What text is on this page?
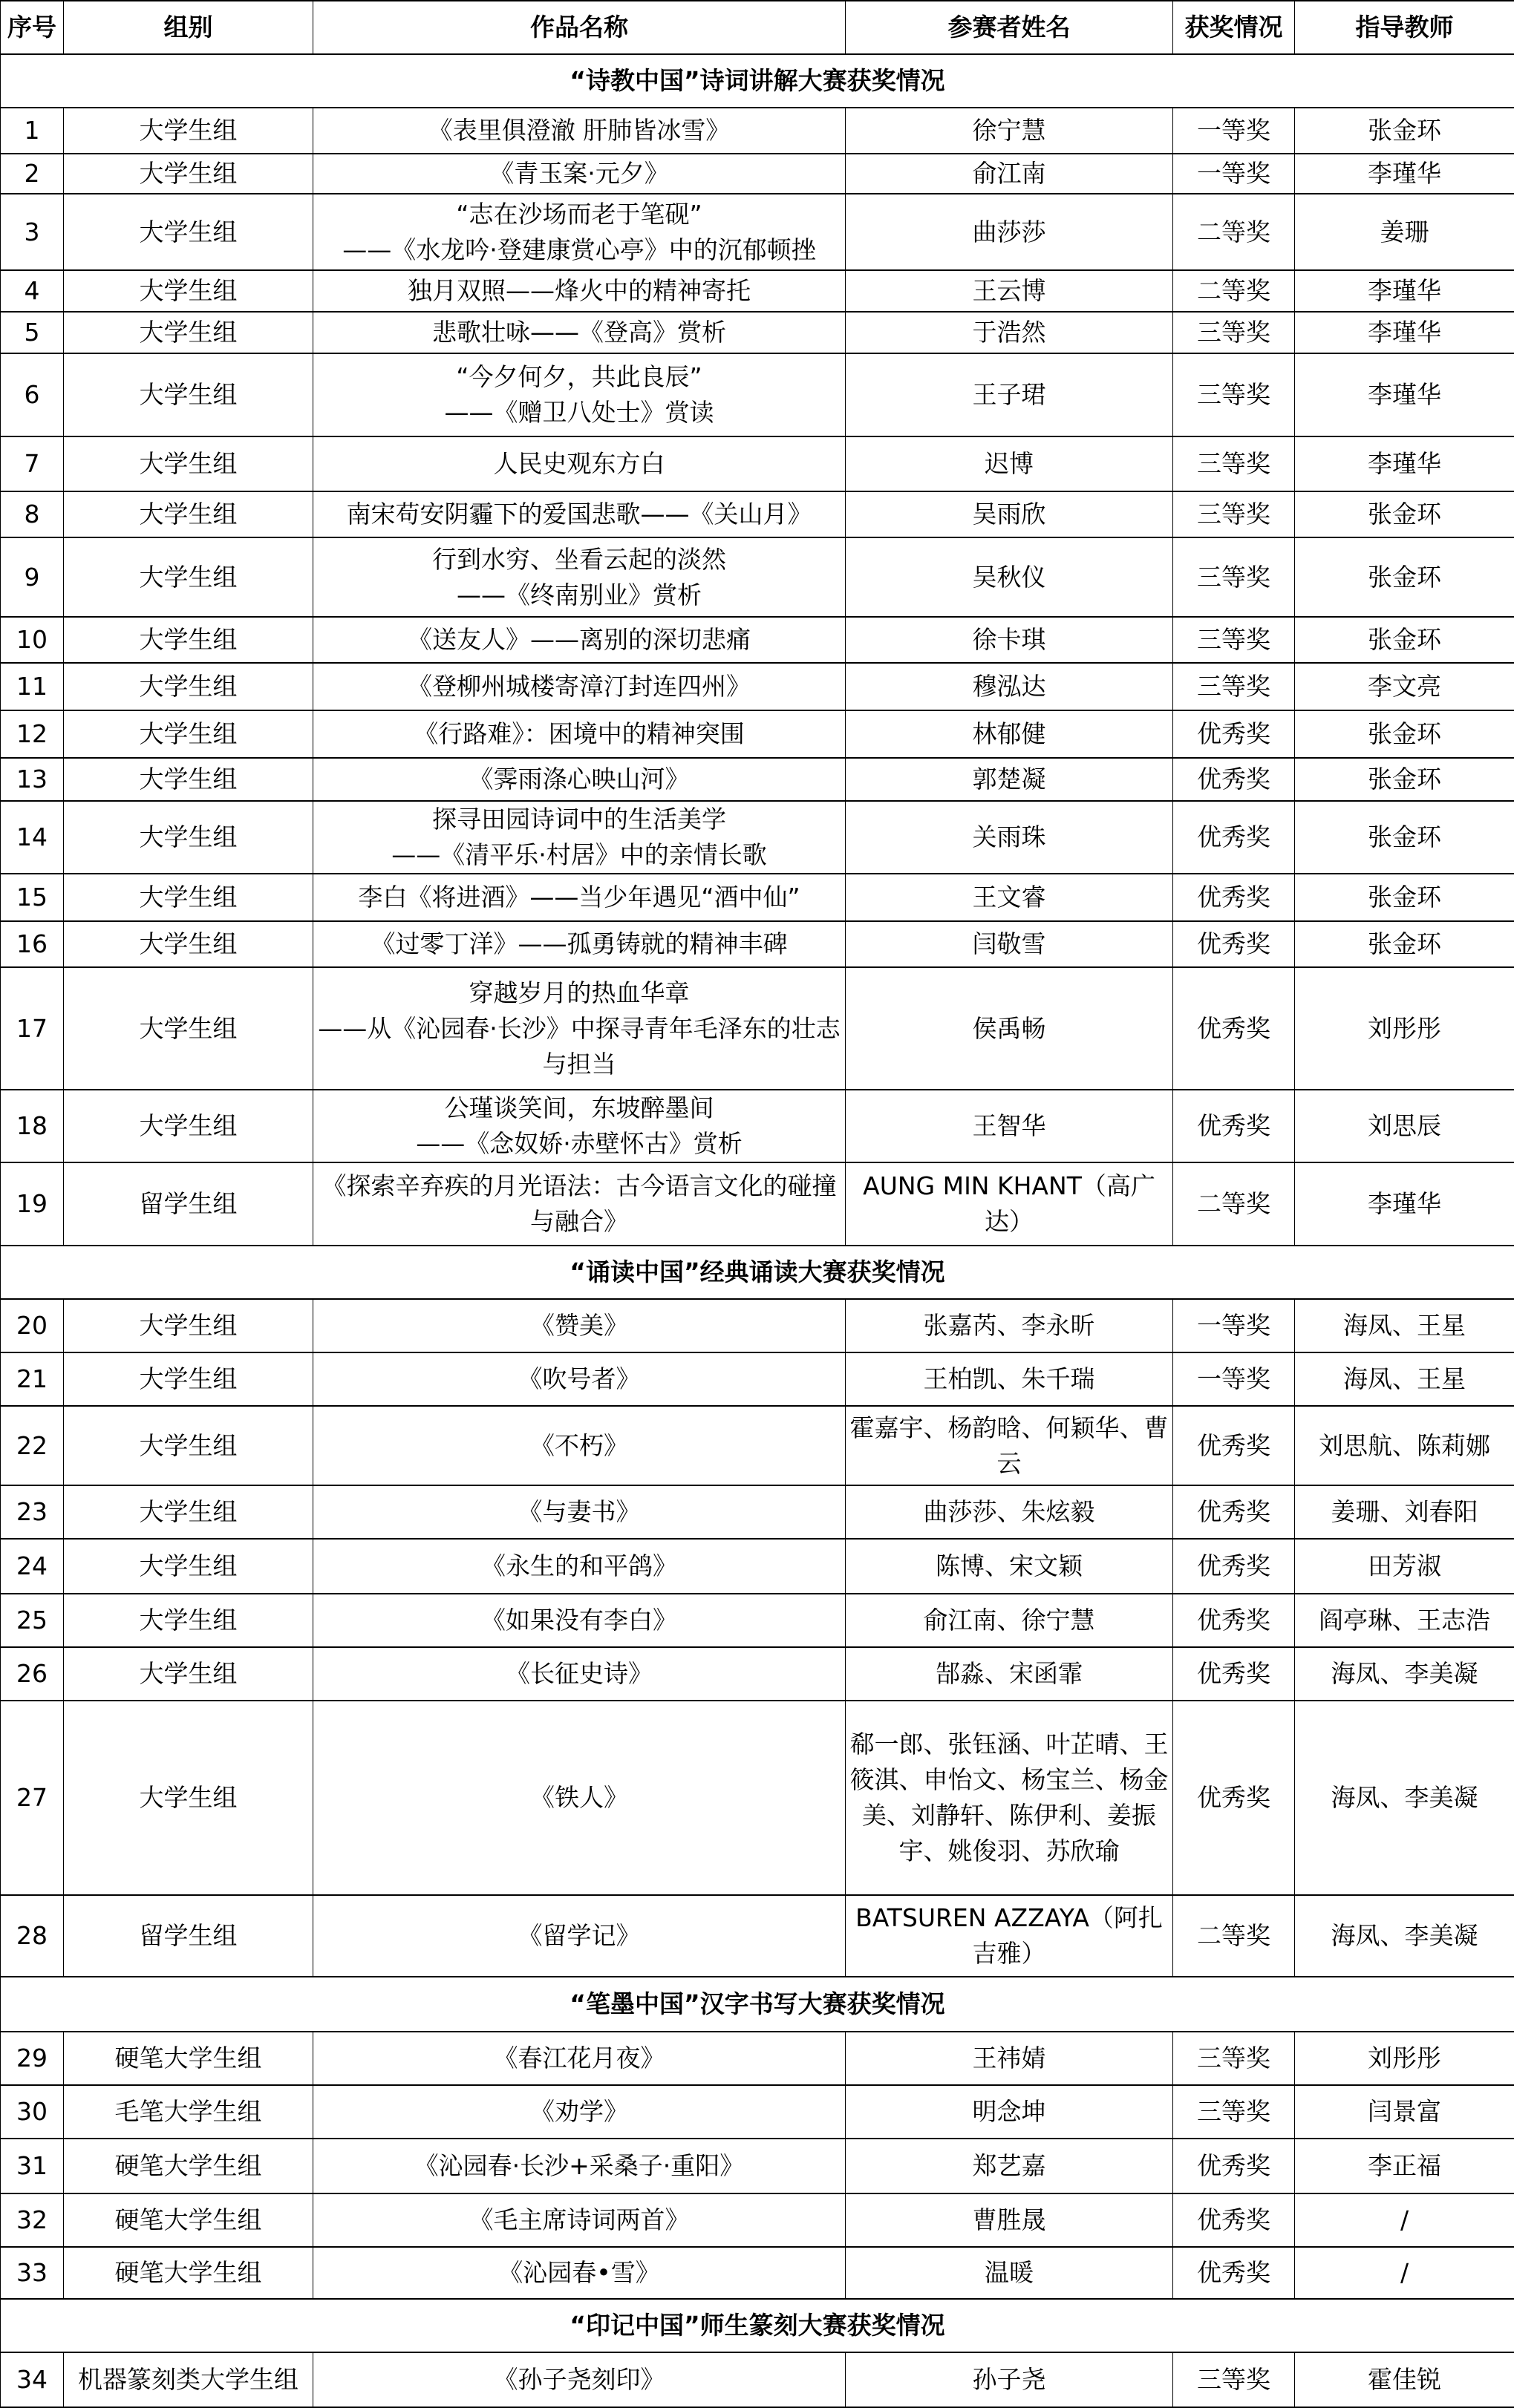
序号	组别	作品名称	参赛者姓名	获奖情况	指导教师
“诗教中国”诗词讲解大赛获奖情况					
1	大学生组	《表里俱澄澈 肝肺皆冰雪》	徐宁慧	一等奖	张金环
2	大学生组	《青玉案·元夕》	俞江南	一等奖	李瑾华
3	大学生组	“志在沙场而老于笔砚”
——《水龙吟·登建康赏心亭》中的沉郁顿挫	曲莎莎	二等奖	姜珊
4	大学生组	独月双照——烽火中的精神寄托	王云博	二等奖	李瑾华
5	大学生组	悲歌壮咏——《登高》赏析	于浩然	三等奖	李瑾华
6	大学生组	“今夕何夕，共此良辰”
——《赠卫八处士》赏读	王子珺	三等奖	李瑾华
7	大学生组	人民史观东方白	迟博	三等奖	李瑾华
8	大学生组	南宋苟安阴霾下的爱国悲歌——《关山月》	吴雨欣	三等奖	张金环
9	大学生组	行到水穷、坐看云起的淡然
——《终南别业》赏析	吴秋仪	三等奖	张金环
10	大学生组	《送友人》——离别的深切悲痛	徐卡琪	三等奖	张金环
11	大学生组	《登柳州城楼寄漳汀封连四州》	穆泓达	三等奖	李文亮
12	大学生组	《行路难》：困境中的精神突围	林郁健	优秀奖	张金环
13	大学生组	《霁雨涤心映山河》	郭楚凝	优秀奖	张金环
14	大学生组	探寻田园诗词中的生活美学
——《清平乐·村居》中的亲情长歌	关雨珠	优秀奖	张金环
15	大学生组	李白《将进酒》——当少年遇见“酒中仙”	王文睿	优秀奖	张金环
16	大学生组	《过零丁洋》——孤勇铸就的精神丰碑	闫敬雪	优秀奖	张金环
17	大学生组	穿越岁月的热血华章
——从《沁园春·长沙》中探寻青年毛泽东的壮志与担当	侯禹畅	优秀奖	刘彤彤
18	大学生组	公瑾谈笑间，东坡醉墨间
——《念奴娇·赤壁怀古》赏析	王智华	优秀奖	刘思辰
19	留学生组	《探索辛弃疾的月光语法：古今语言文化的碰撞与融合》	AUNG MIN KHANT（高广达）	二等奖	李瑾华
“诵读中国”经典诵读大赛获奖情况					
20	大学生组	《赞美》	张嘉芮、李永昕	一等奖	海凤、王星
21	大学生组	《吹号者》	王柏凯、朱千瑞	一等奖	海凤、王星
22	大学生组	《不朽》	霍嘉宇、杨韵晗、何颖华、曹云	优秀奖	刘思航、陈莉娜
23	大学生组	《与妻书》	曲莎莎、朱炫毅	优秀奖	姜珊、刘春阳
24	大学生组	《永生的和平鸽》	陈博、宋文颖	优秀奖	田芳淑
25	大学生组	《如果没有李白》	俞江南、徐宁慧	优秀奖	阎亭琳、王志浩
26	大学生组	《长征史诗》	郜淼、宋函霏	优秀奖	海凤、李美凝
27	大学生组	《铁人》	郗一郎、张钰涵、叶芷晴、王筱淇、申怡文、杨宝兰、杨金美、刘静轩、陈伊利、姜振宇、姚俊羽、苏欣瑜	优秀奖	海凤、李美凝
28	留学生组	《留学记》	BATSUREN AZZAYA（阿扎吉雅）	二等奖	海凤、李美凝
“笔墨中国”汉字书写大赛获奖情况					
29	硬笔大学生组	《春江花月夜》	王祎婧	三等奖	刘彤彤
30	毛笔大学生组	《劝学》	明念坤	三等奖	闫景富
31	硬笔大学生组	《沁园春·长沙+采桑子·重阳》	郑艺嘉	优秀奖	李正福
32	硬笔大学生组	《毛主席诗词两首》	曹胜晟	优秀奖	/
33	硬笔大学生组	《沁园春•雪》	温暖	优秀奖	/
“印记中国”师生篆刻大赛获奖情况					
34	机器篆刻类大学生组	《孙子尧刻印》	孙子尧	三等奖	霍佳锐
